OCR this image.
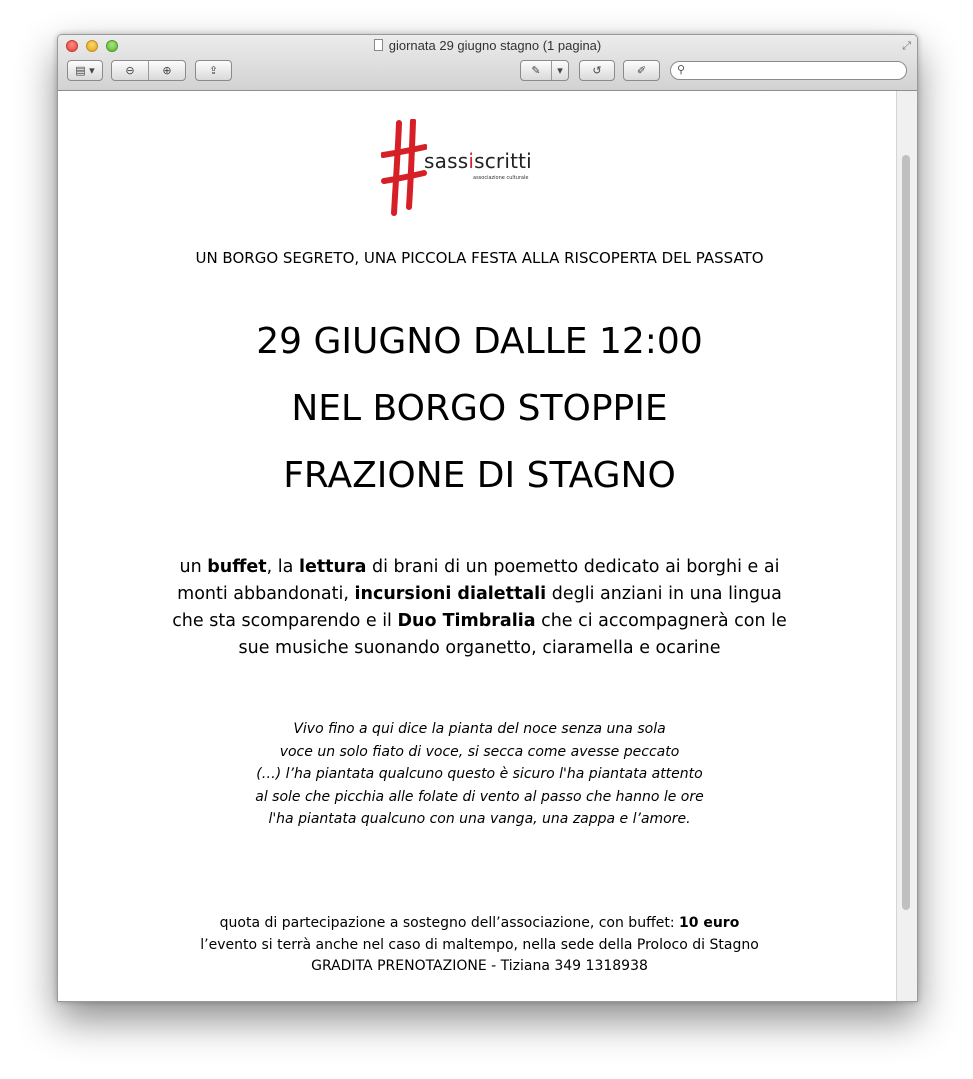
giornata 29 giugno stagno (1 pagina)	⤢
▤ ▾	⊖	⊕	⇪	✎ ▾	↺	✐	⚲
sassiscritti
associazione culturale
UN BORGO SEGRETO, UNA PICCOLA FESTA ALLA RISCOPERTA DEL PASSATO
29 GIUGNO DALLE 12:00
NEL BORGO STOPPIE
FRAZIONE DI STAGNO
un buffet, la lettura di brani di un poemetto dedicato ai borghi e ai monti abbandonati, incursioni dialettali degli anziani in una lingua che sta scomparendo e il Duo Timbralia che ci accompagnerà con le sue musiche suonando organetto, ciaramella e ocarine
Vivo fino a qui dice la pianta del noce senza una sola
voce un solo fiato di voce, si secca come avesse peccato
(…) l’ha piantata qualcuno questo è sicuro l'ha piantata attento
al sole che picchia alle folate di vento al passo che hanno le ore
l'ha piantata qualcuno con una vanga, una zappa e l’amore.
quota di partecipazione a sostegno dell’associazione, con buffet: 10 euro
l’evento si terrà anche nel caso di maltempo, nella sede della Proloco di Stagno
GRADITA PRENOTAZIONE - Tiziana 349 1318938
